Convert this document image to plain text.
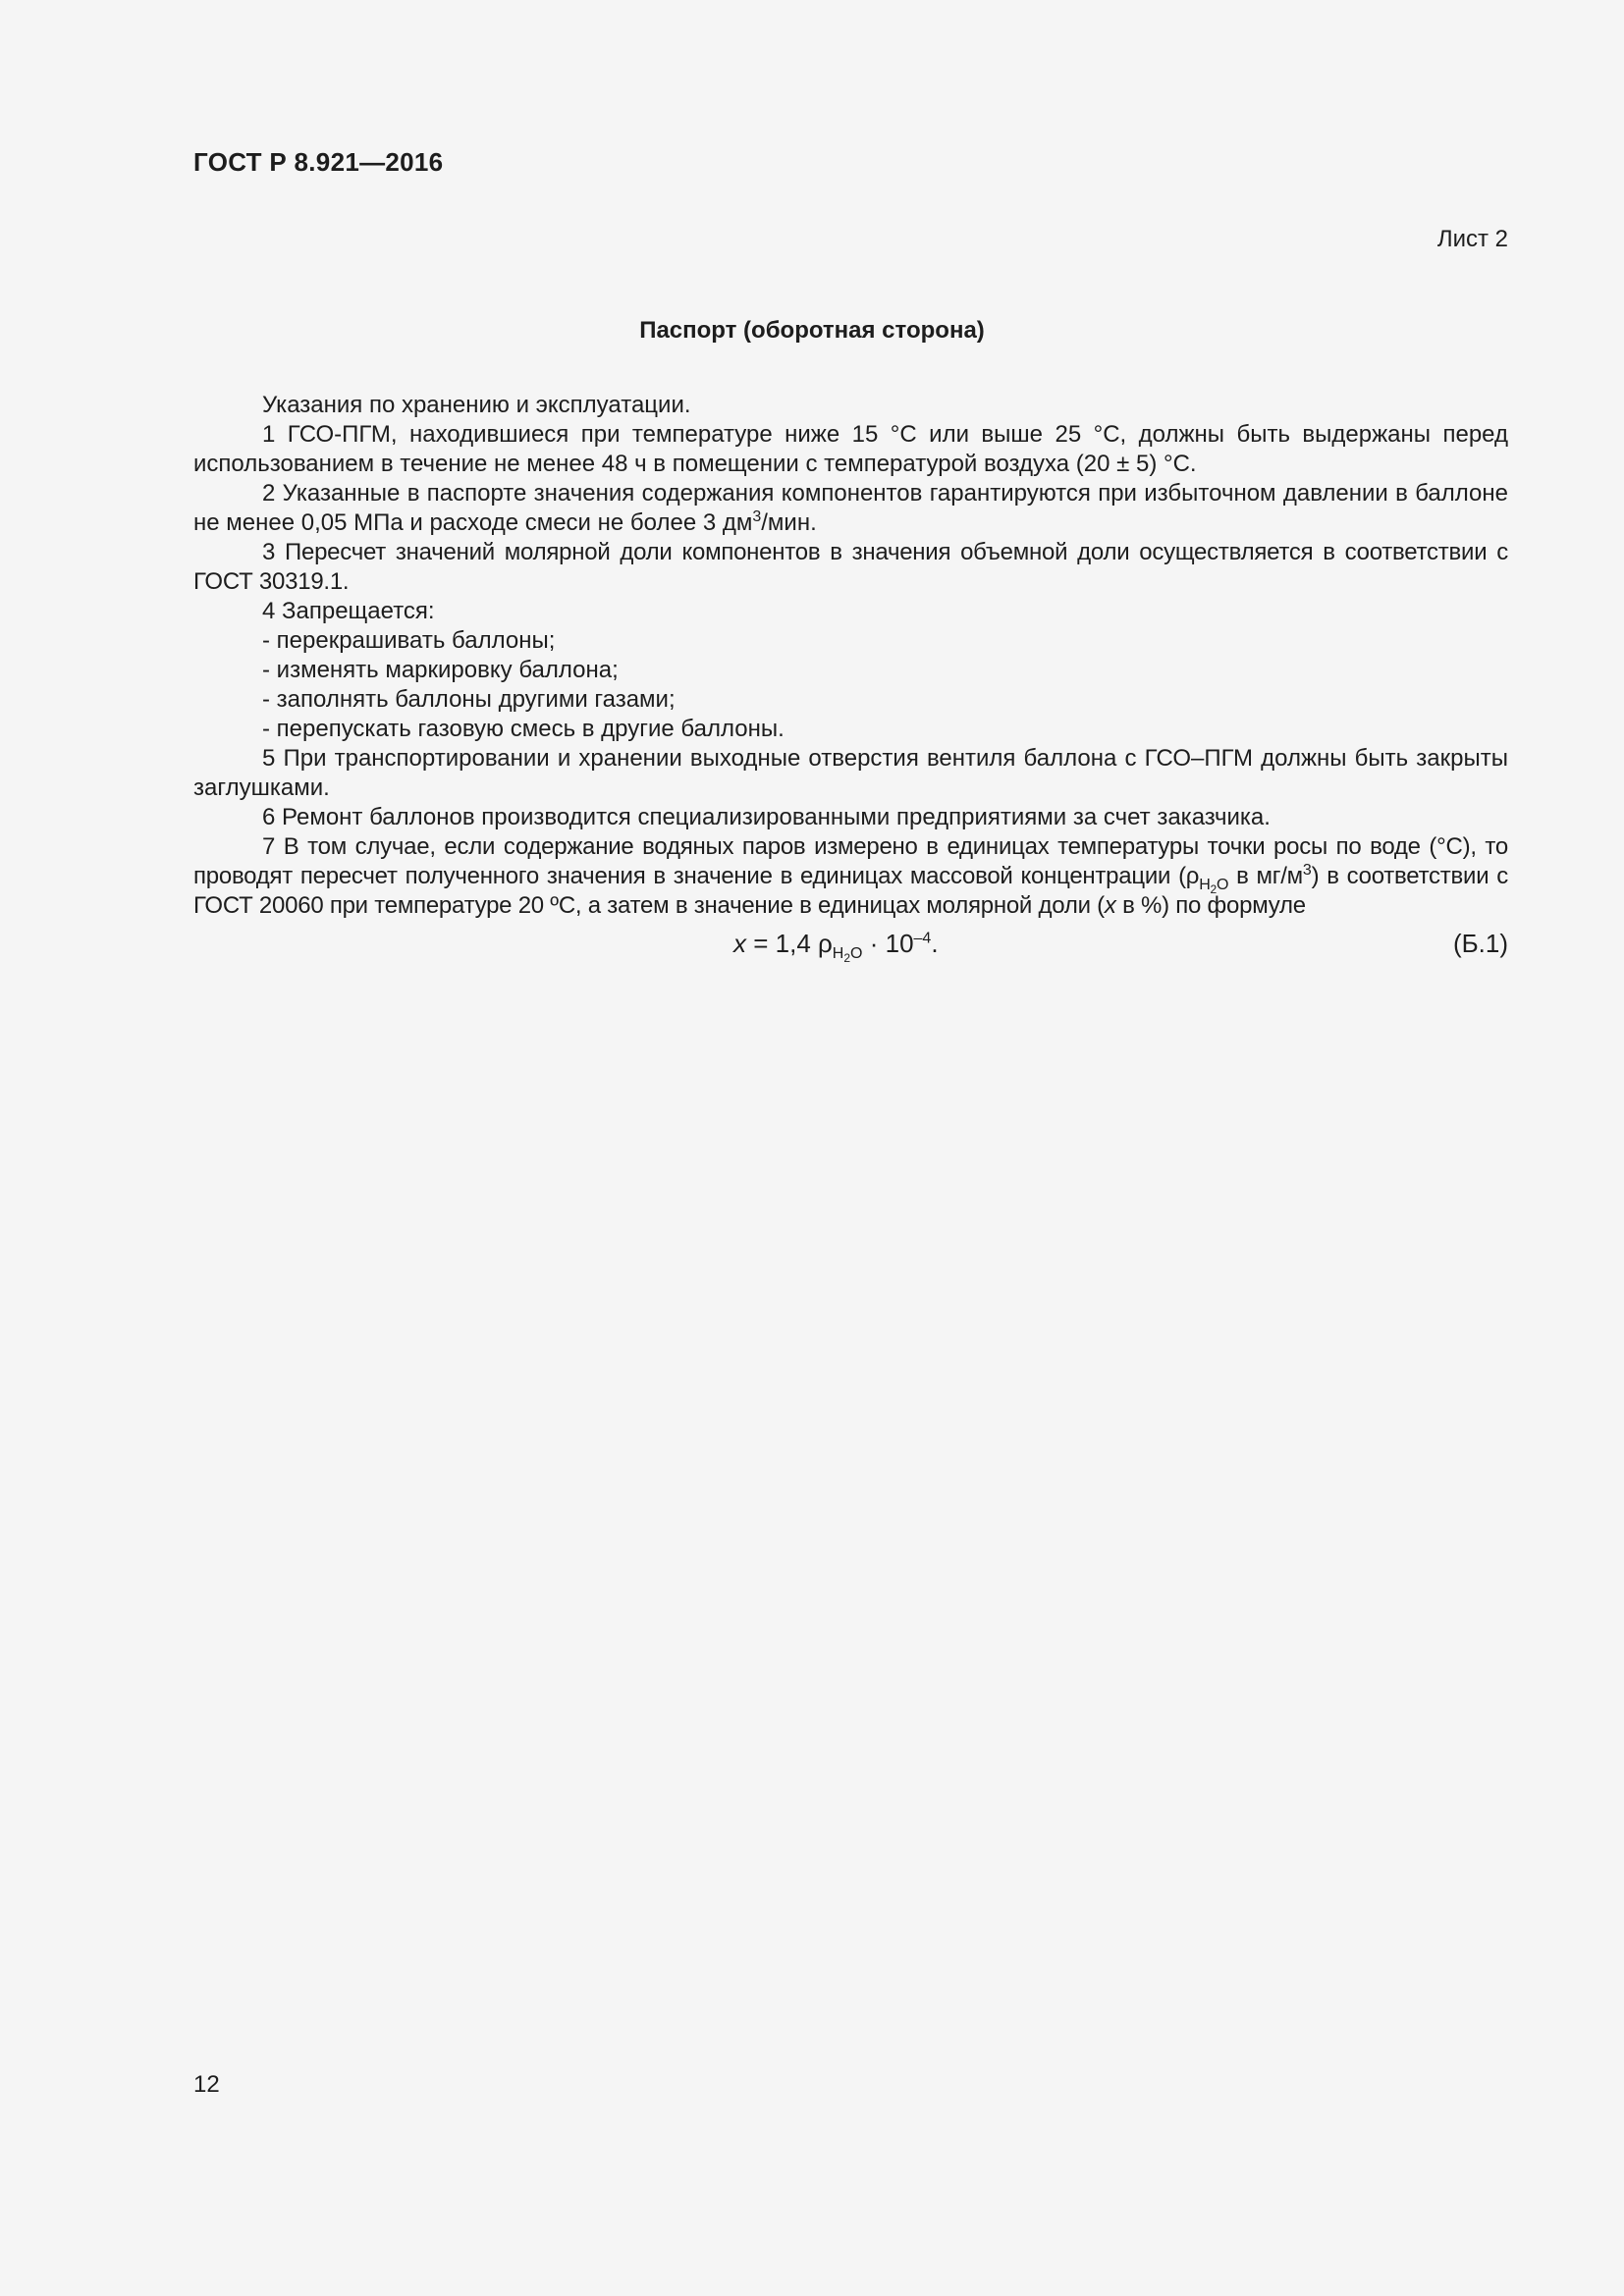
ГОСТ Р 8.921—2016
Лист 2
Паспорт (оборотная сторона)

Указания по хранению и эксплуатации.

1 ГСО-ПГМ, находившиеся при температуре ниже 15 °С или выше 25 °С, должны быть выдержаны перед использованием в течение не менее 48 ч в помещении с температурой воздуха (20 ± 5) °С.

2 Указанные в паспорте значения содержания компонентов гарантируются при избыточном давлении в баллоне не менее 0,05 МПа и расходе смеси не более 3 $дм^3$/мин.

3 Пересчет значений молярной доли компонентов в значения объемной доли осуществляется в соответствии с ГОСТ 30319.1.

4 Запрещается:

- перекрашивать баллоны;

- изменять маркировку баллона;

- заполнять баллоны другими газами;

- перепускать газовую смесь в другие баллоны.

5 При транспортировании и хранении выходные отверстия вентиля баллона с ГСО–ПГМ должны быть закрыты заглушками.

6 Ремонт баллонов производится специализированными предприятиями за счет заказчика.

7 В том случае, если содержание водяных паров измерено в единицах температуры точки росы по воде (°С), то проводят пересчет полученного значения в значение в единицах массовой концентрации ($\rho_{H_2O}$ в $мг/м^3$) в соответствии с ГОСТ 20060 при температуре 20 ºС, а затем в значение в единицах молярной доли (x в %) по формуле

x = 1,4 $\rho_{H_2O} \cdot 10^{-4}$.	(Б.1)
12
